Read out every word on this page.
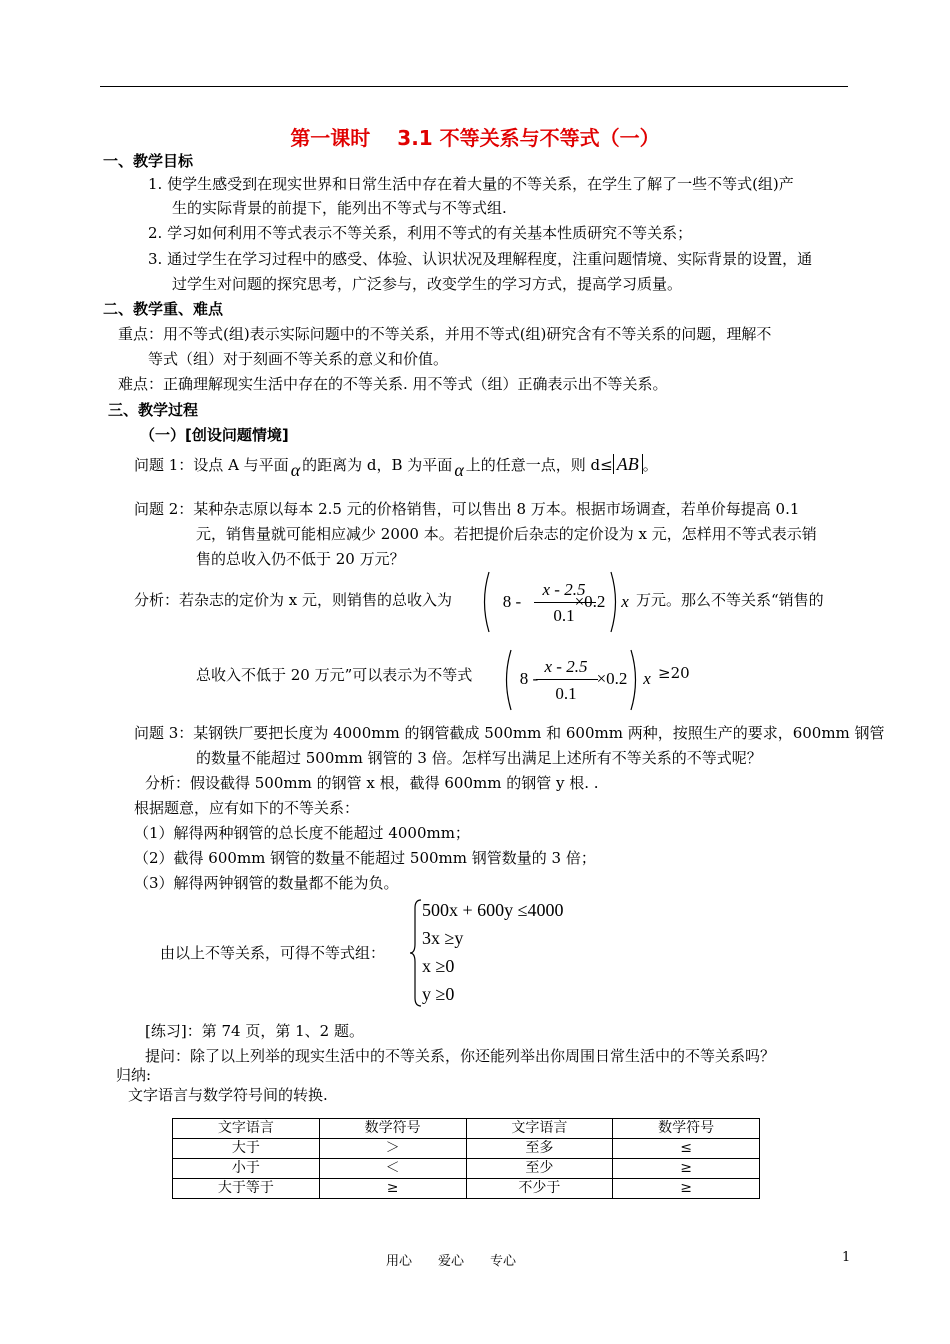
第一课时　 3.1 不等关系与不等式（一）
一、教学目标
1. 使学生感受到在现实世界和日常生活中存在着大量的不等关系，在学生了解了一些不等式(组)产
生的实际背景的前提下，能列出不等式与不等式组.
2. 学习如何利用不等式表示不等关系，利用不等式的有关基本性质研究不等关系；
3. 通过学生在学习过程中的感受、体验、认识状况及理解程度，注重问题情境、实际背景的设置，通
过学生对问题的探究思考，广泛参与，改变学生的学习方式，提高学习质量。
二、教学重、难点
重点：用不等式(组)表示实际问题中的不等关系，并用不等式(组)研究含有不等关系的问题，理解不
等式（组）对于刻画不等关系的意义和价值。
难点：正确理解现实生活中存在的不等关系. 用不等式（组）正确表示出不等关系。
三、教学过程
（一）[创设问题情境]
问题 1：设点 A 与平面 α 的距离为 d，B 为平面 α 上的任意一点，则 d≤ AB 。
问题 2：某种杂志原以每本 2.5 元的价格销售，可以售出 8 万本。根据市场调查，若单价每提高 0.1
元，销售量就可能相应减少 2000 本。若把提价后杂志的定价设为 x 元，怎样用不等式表示销
售的总收入仍不低于 20 万元？
分析：若杂志的定价为 x 元，则销售的总收入为	8 -
x - 2.5
0.1
×0.2 x 万元。那么不等关系“销售的
总收入不低于 20 万元”可以表示为不等式	8 -
x - 2.5
0.1
×0.2 x ≥20
问题 3：某钢铁厂要把长度为 4000mm 的钢管截成 500mm 和 600mm 两种，按照生产的要求，600mm 钢管
的数量不能超过 500mm 钢管的 3 倍。怎样写出满足上述所有不等关系的不等式呢？
分析：假设截得 500mm 的钢管 x 根，截得 600mm 的钢管 y 根. .
根据题意，应有如下的不等关系：
（1）解得两种钢管的总长度不能超过 4000mm；
（2）截得 600mm 钢管的数量不能超过 500mm 钢管数量的 3 倍；
（3）解得两钟钢管的数量都不能为负。
由以上不等关系，可得不等式组：
500x + 600y ≤4000
3x ≥y
x ≥0
y ≥0
[练习]：第 74 页，第 1、2 题。
提问：除了以上列举的现实生活中的不等关系，你还能列举出你周围日常生活中的不等关系吗？
归纳:
文字语言与数学符号间的转换.
文字语言	数学符号	文字语言	数学符号
大于	＞	至多	≤
小于	＜	至少	≥
大于等于	≥	不少于	≥
用心　　爱心　　专心	1
